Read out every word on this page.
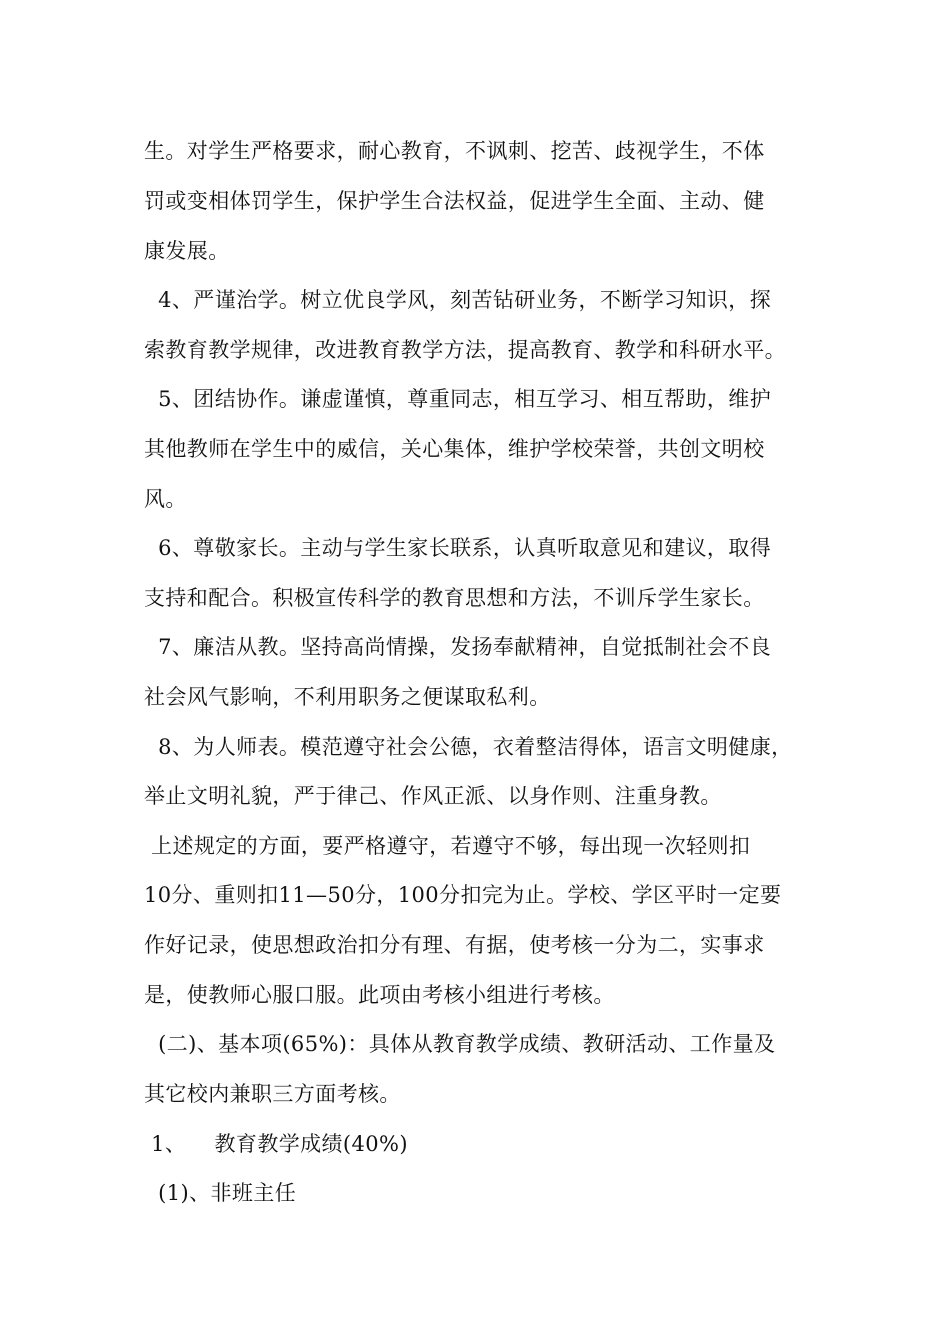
生。对学生严格要求，耐心教育，不讽刺、挖苦、歧视学生，不体
罚或变相体罚学生，保护学生合法权益，促进学生全面、主动、健
康发展。
4、严谨治学。树立优良学风，刻苦钻研业务，不断学习知识，探
索教育教学规律，改进教育教学方法，提高教育、教学和科研水平。
5、团结协作。谦虚谨慎，尊重同志，相互学习、相互帮助，维护
其他教师在学生中的威信，关心集体，维护学校荣誉，共创文明校
风。
6、尊敬家长。主动与学生家长联系，认真听取意见和建议，取得
支持和配合。积极宣传科学的教育思想和方法，不训斥学生家长。
7、廉洁从教。坚持高尚情操，发扬奉献精神，自觉抵制社会不良
社会风气影响，不利用职务之便谋取私利。
8、为人师表。模范遵守社会公德，衣着整洁得体，语言文明健康，
举止文明礼貌，严于律己、作风正派、以身作则、注重身教。
上述规定的方面，要严格遵守，若遵守不够，每出现一次轻则扣
10分、重则扣11—50分，100分扣完为止。学校、学区平时一定要
作好记录，使思想政治扣分有理、有据，使考核一分为二，实事求
是，使教师心服口服。此项由考核小组进行考核。
(二)、基本项(65%)：具体从教育教学成绩、教研活动、工作量及
其它校内兼职三方面考核。
1、    教育教学成绩(40%)
(1)、非班主任
